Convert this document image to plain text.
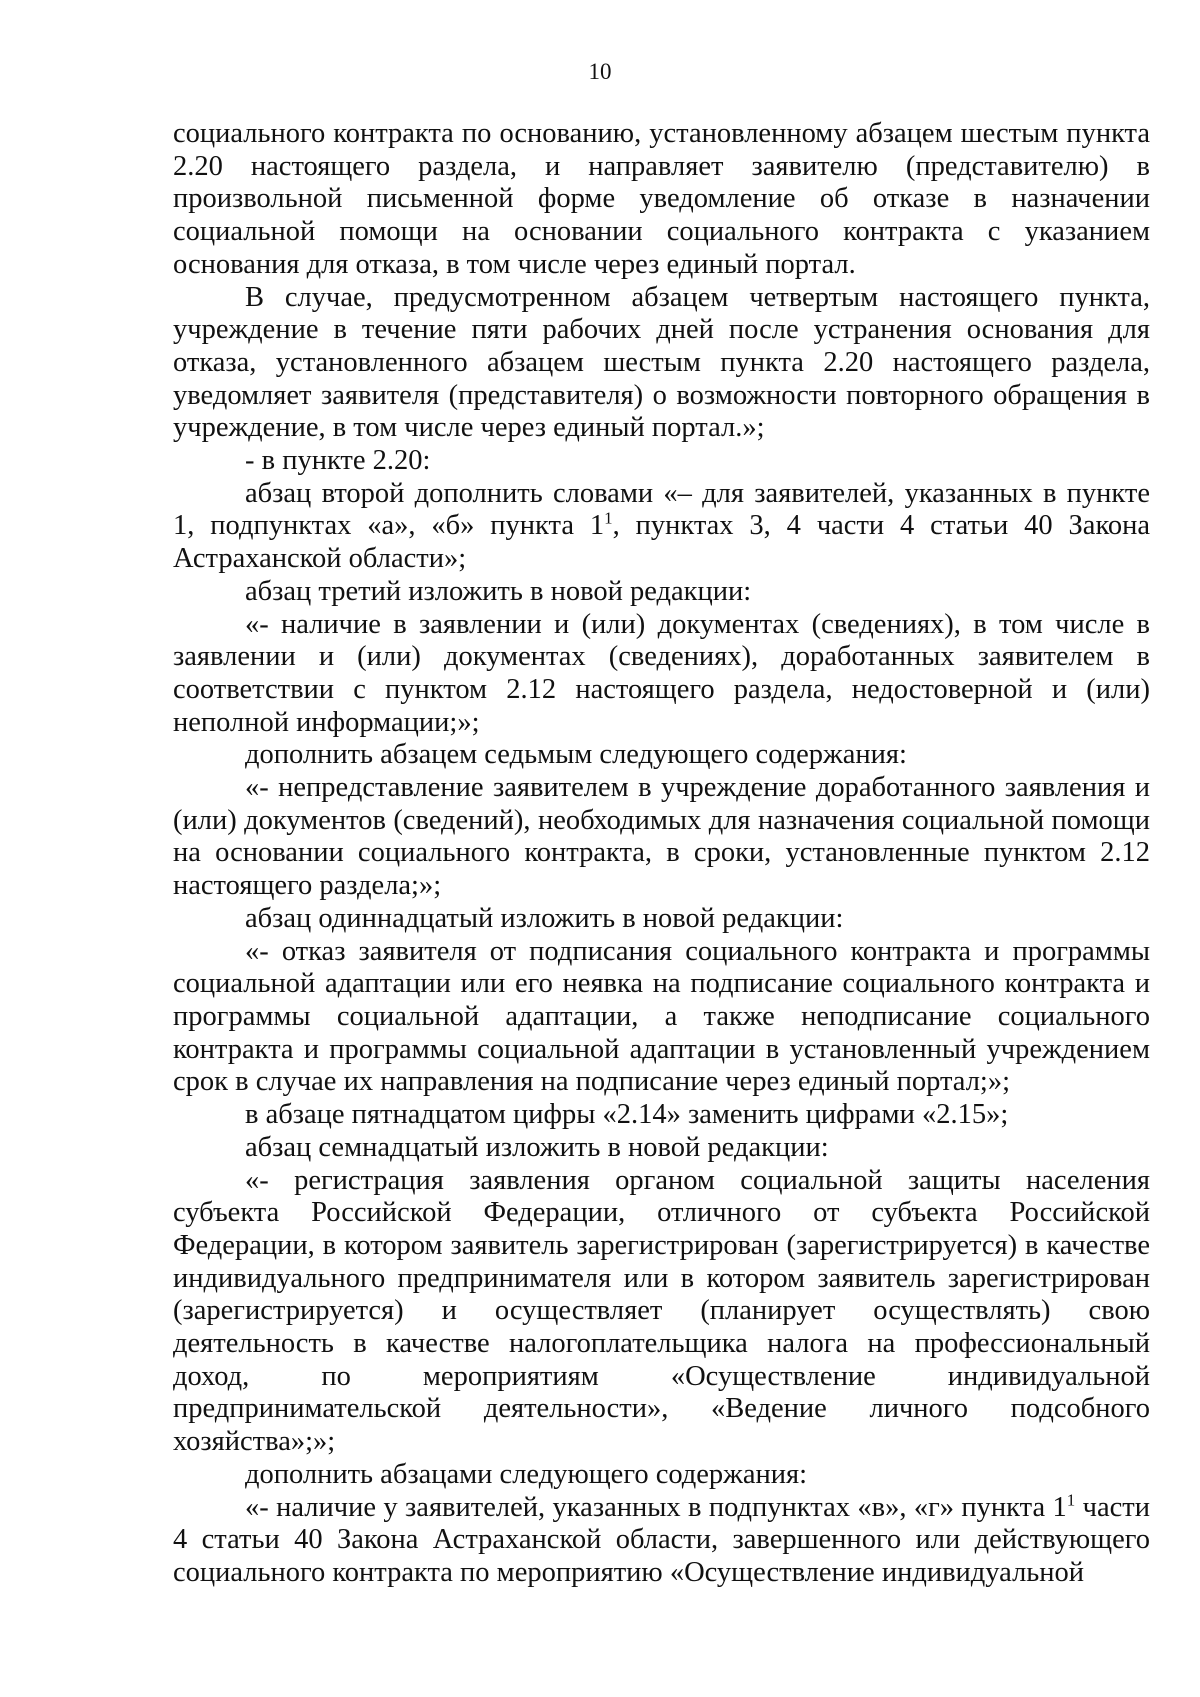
10

социального контракта по основанию, установленному абзацем шестым пункта 2.20 настоящего раздела, и направляет заявителю (представителю) в произвольной письменной форме уведомление об отказе в назначении социальной помощи на основании социального контракта с указанием основания для отказа, в том числе через единый портал.

В случае, предусмотренном абзацем четвертым настоящего пункта, учреждение в течение пяти рабочих дней после устранения основания для отказа, установленного абзацем шестым пункта 2.20 настоящего раздела, уведомляет заявителя (представителя) о возможности повторного обращения в учреждение, в том числе через единый портал.»;

- в пункте 2.20:

абзац второй дополнить словами «– для заявителей, указанных в пункте 1, подпунктах «а», «б» пункта $1^1$, пунктах 3, 4 части 4 статьи 40 Закона Астраханской области»;

абзац третий изложить в новой редакции:

«- наличие в заявлении и (или) документах (сведениях), в том числе в заявлении и (или) документах (сведениях), доработанных заявителем в соответствии с пунктом 2.12 настоящего раздела, недостоверной и (или) неполной информации;»;

дополнить абзацем седьмым следующего содержания:

«- непредставление заявителем в учреждение доработанного заявления и (или) документов (сведений), необходимых для назначения социальной помощи на основании социального контракта, в сроки, установленные пунктом 2.12 настоящего раздела;»;

абзац одиннадцатый изложить в новой редакции:

«- отказ заявителя от подписания социального контракта и программы социальной адаптации или его неявка на подписание социального контракта и программы социальной адаптации, а также неподписание социального контракта и программы социальной адаптации в установленный учреждением срок в случае их направления на подписание через единый портал;»;

в абзаце пятнадцатом цифры «2.14» заменить цифрами «2.15»;

абзац семнадцатый изложить в новой редакции:

«- регистрация заявления органом социальной защиты населения субъекта Российской Федерации, отличного от субъекта Российской Федерации, в котором заявитель зарегистрирован (зарегистрируется) в качестве индивидуального предпринимателя или в котором заявитель зарегистрирован (зарегистрируется) и осуществляет (планирует осуществлять) свою деятельность в качестве налогоплательщика налога на профессиональный доход, по мероприятиям «Осуществление индивидуальной предпринимательской деятельности», «Ведение личного подсобного хозяйства»;»;

дополнить абзацами следующего содержания:

«- наличие у заявителей, указанных в подпунктах «в», «г» пункта $1^1$ части 4 статьи 40 Закона Астраханской области, завершенного или действующего социального контракта по мероприятию «Осуществление индивидуальной
